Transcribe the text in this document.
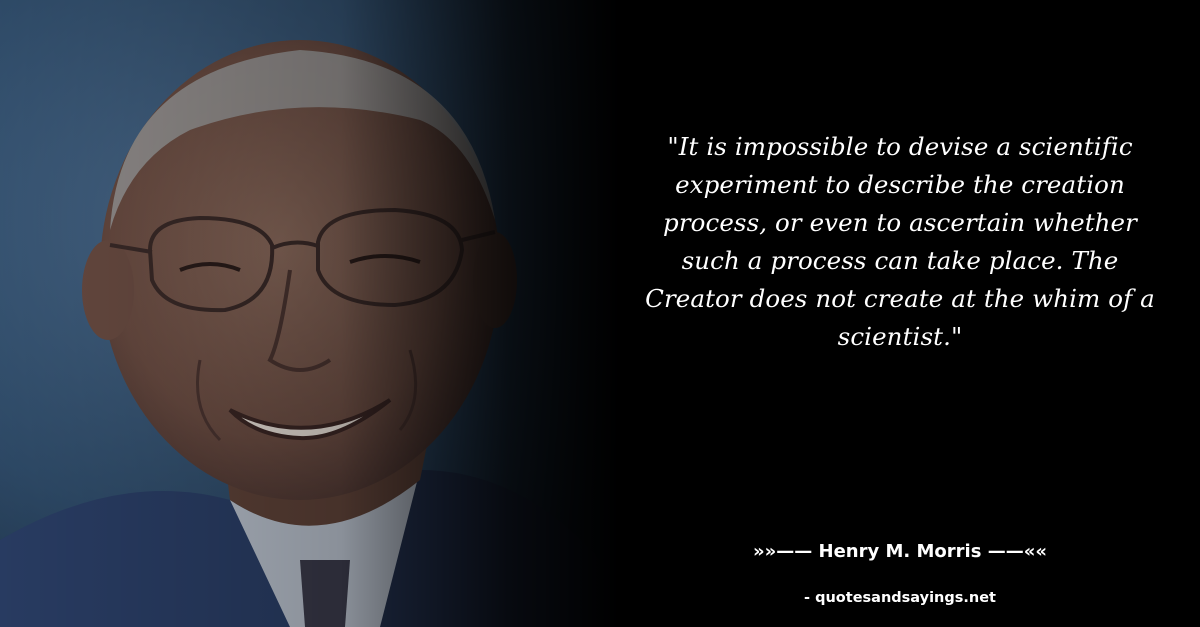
"It is impossible to devise a scientific experiment to describe the creation process, or even to ascertain whether such a process can take place. The Creator does not create at the whim of a scientist."

»»—— Henry M. Morris ——««
- quotesandsayings.net
